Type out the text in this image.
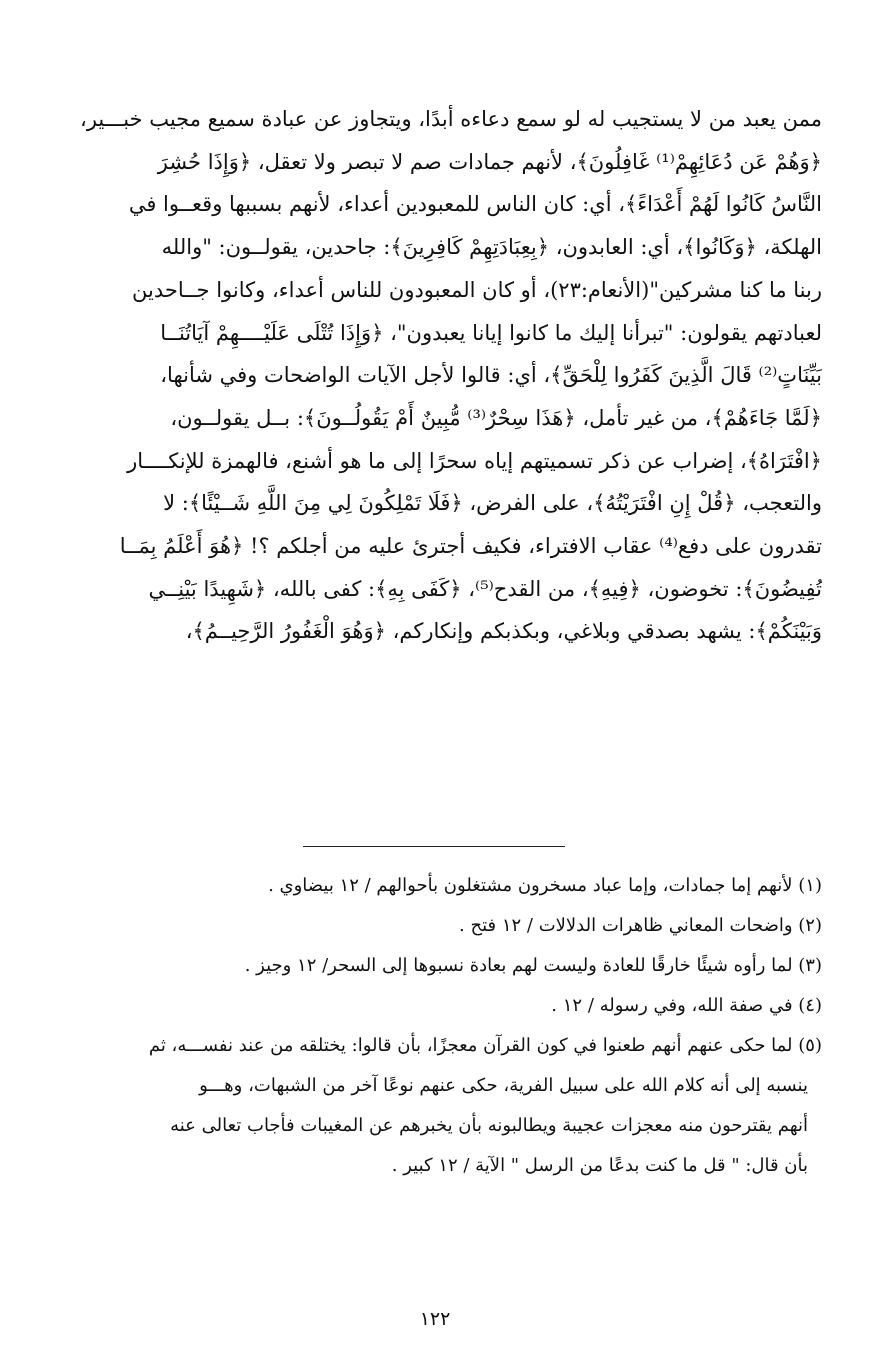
ممن يعبد من لا يستجيب له لو سمع دعاءه أبدًا، ويتجاوز عن عبادة سميع مجيب خبـــير،
﴿وَهُمْ عَن دُعَائِهِمْ⁽¹⁾ غَافِلُونَ﴾، لأنهم جمادات صم لا تبصر ولا تعقل، ﴿وَإِذَا حُشِرَ
النَّاسُ كَانُوا لَهُمْ أَعْدَاءً﴾، أي: كان الناس للمعبودين أعداء، لأنهم بسببها وقعــوا في
الهلكة، ﴿وَكَانُوا﴾، أي: العابدون، ﴿بِعِبَادَتِهِمْ كَافِرِينَ﴾: جاحدين، يقولــون: "والله
ربنا ما كنا مشركين"(الأنعام:٢٣)، أو كان المعبودون للناس أعداء، وكانوا جــاحدين
لعبادتهم يقولون: "تبرأنا إليك ما كانوا إيانا يعبدون"، ﴿وَإِذَا تُتْلَى عَلَيْــــهِمْ آيَاتُنَــا
بَيِّنَاتٍ⁽²⁾ قَالَ الَّذِينَ كَفَرُوا لِلْحَقِّ﴾، أي: قالوا لأجل الآيات الواضحات وفي شأنها،
﴿لَمَّا جَاءَهُمْ﴾، من غير تأمل، ﴿هَذَا سِحْرٌ⁽³⁾ مُّبِينٌ أَمْ يَقُولُــونَ﴾: بــل يقولــون،
﴿افْتَرَاهُ﴾، إضراب عن ذكر تسميتهم إياه سحرًا إلى ما هو أشنع، فالهمزة للإنكــــار
والتعجب، ﴿قُلْ إِنِ افْتَرَيْتُهُ﴾، على الفرض، ﴿فَلَا تَمْلِكُونَ لِي مِنَ اللَّهِ شَــيْئًا﴾: لا
تقدرون على دفع⁽⁴⁾ عقاب الافتراء، فكيف أجترئ عليه من أجلكم ؟! ﴿هُوَ أَعْلَمُ بِمَــا
تُفِيضُونَ﴾: تخوضون، ﴿فِيهِ﴾، من القدح⁽⁵⁾، ﴿كَفَى بِهِ﴾: كفى بالله، ﴿شَهِيدًا بَيْنِــي
وَبَيْنَكُمْ﴾: يشهد بصدقي وبلاغي، وبكذبكم وإنكاركم، ﴿وَهُوَ الْغَفُورُ الرَّحِيــمُ﴾،
(١) لأنهم إما جمادات، وإما عباد مسخرون مشتغلون بأحوالهم / ١٢ بيضاوي .
(٢) واضحات المعاني ظاهرات الدلالات / ١٢ فتح .
(٣) لما رأوه شيئًا خارقًا للعادة وليست لهم بعادة نسبوها إلى السحر/ ١٢ وجيز .
(٤) في صفة الله، وفي رسوله / ١٢ .
(٥) لما حكى عنهم أنهم طعنوا في كون القرآن معجزًا، بأن قالوا: يختلقه من عند نفســـه، ثم
ينسبه إلى أنه كلام الله على سبيل الفرية، حكى عنهم نوعًا آخر من الشبهات، وهـــو
أنهم يقترحون منه معجزات عجيبة ويطالبونه بأن يخبرهم عن المغيبات فأجاب تعالى عنه
بأن قال: " قل ما كنت بدعًا من الرسل " الآية / ١٢ كبير .
١٢٢
